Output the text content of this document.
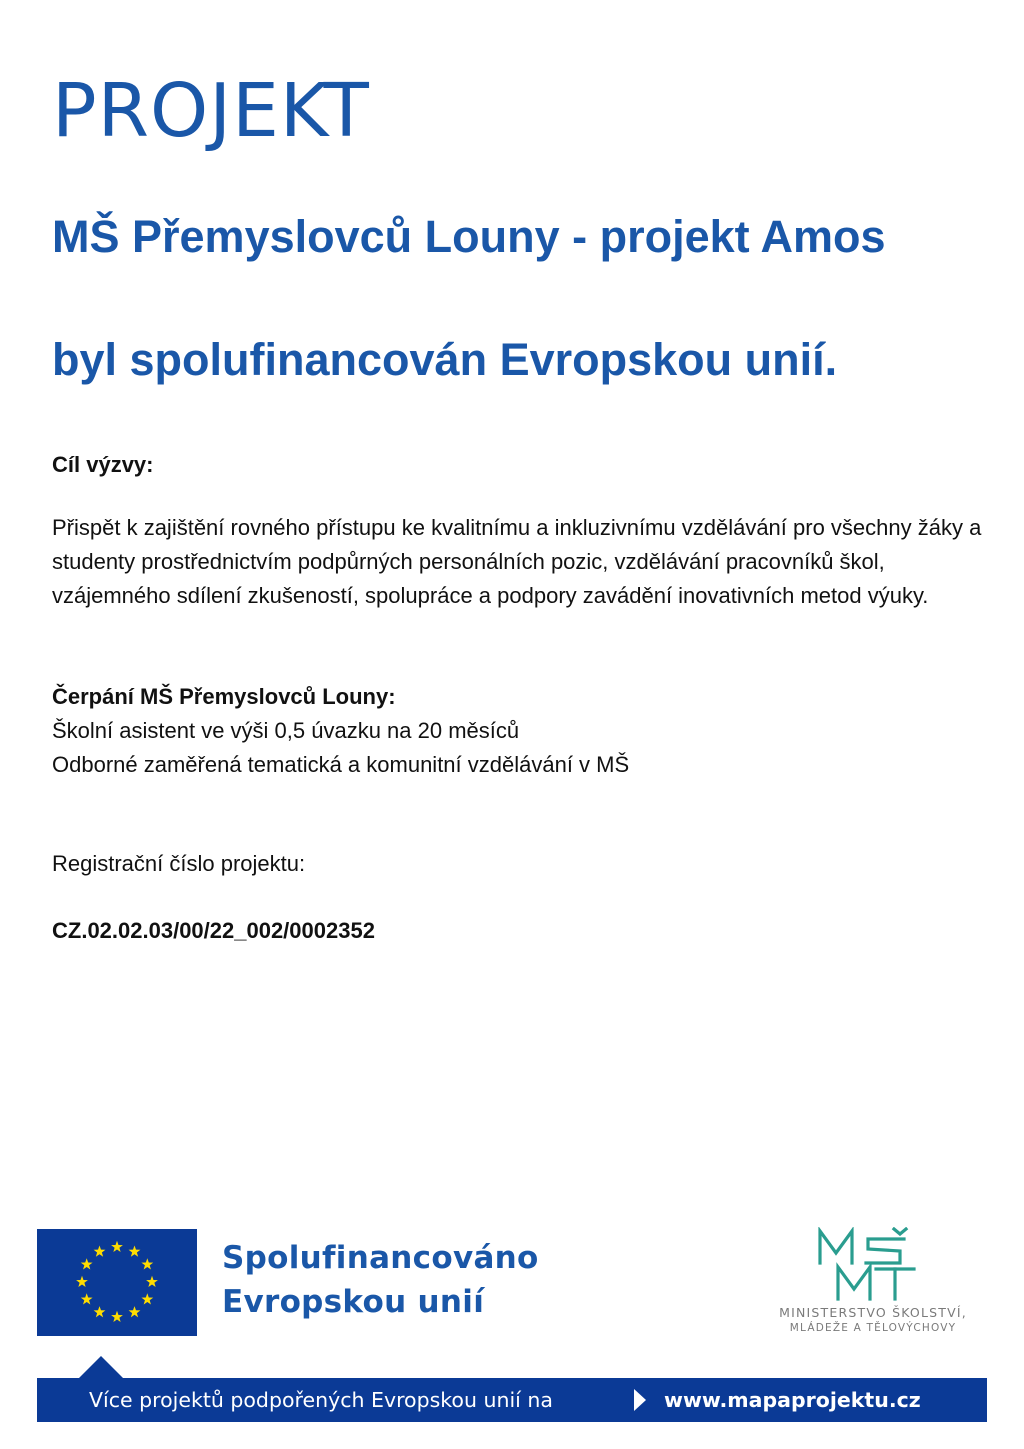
PROJEKT
MŠ Přemyslovců Louny - projekt Amos
byl spolufinancován Evropskou unií.
Cíl výzvy:
Přispět k zajištění rovného přístupu ke kvalitnímu a inkluzivnímu vzdělávání pro všechny žáky a studenty prostřednictvím podpůrných personálních pozic, vzdělávání pracovníků škol, vzájemného sdílení zkušeností, spolupráce a podpory zavádění inovativních metod výuky.
Čerpání MŠ Přemyslovců Louny:
Školní asistent ve výši 0,5 úvazku na 20 měsíců
Odborné zaměřená tematická a komunitní vzdělávání v MŠ
Registrační číslo projektu:
CZ.02.02.03/00/22_002/0002352
Spolufinancováno
Evropskou unií	MINISTERSTVO ŠKOLSTVÍ,
MLÁDEŽE A TĚLOVÝCHOVY
Více projektů podpořených Evropskou unií na	www.mapaprojektu.cz
